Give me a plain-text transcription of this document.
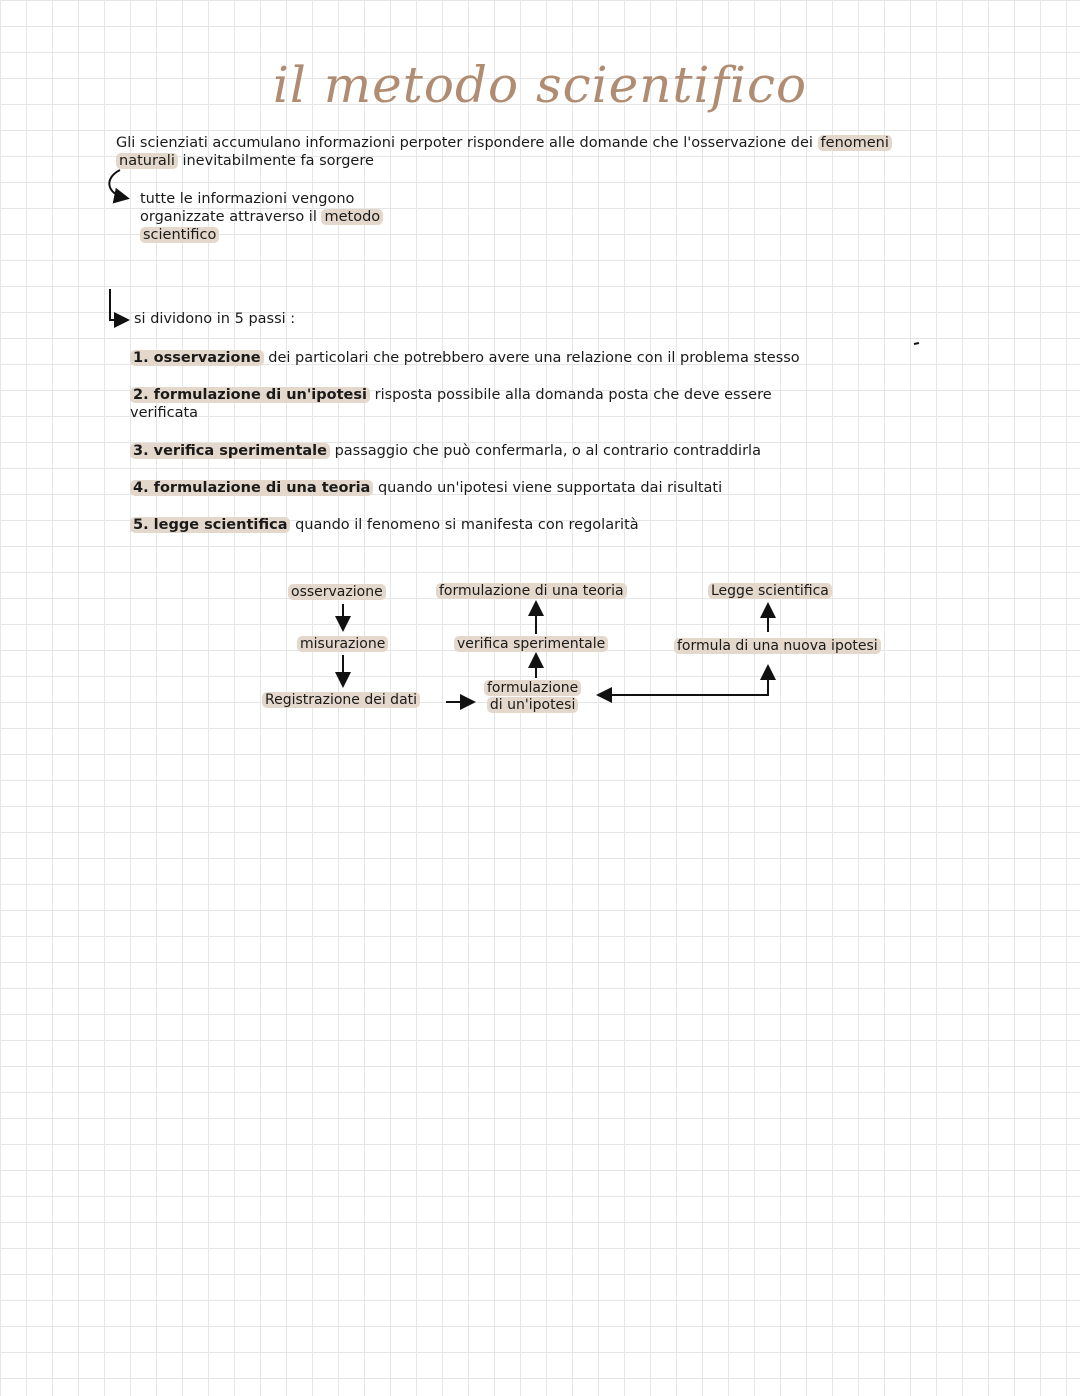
il metodo scientifico
Gli scienziati accumulano informazioni perpoter rispondere alle domande che l'osservazione dei fenomeni
naturali inevitabilmente fa sorgere
tutte le informazioni vengono
organizzate attraverso il metodo
scientifico
si dividono in 5 passi :
1. osservazione dei particolari che potrebbero avere una relazione con il problema stesso
2. formulazione di un'ipotesi risposta possibile alla domanda posta che deve essere
verificata
3. verifica sperimentale passaggio che può confermarla, o al contrario contraddirla
4. formulazione di una teoria quando un'ipotesi viene supportata dai risultati
5. legge scientifica quando il fenomeno si manifesta con regolarità
osservazione
misurazione
Registrazione dei dati
formulazione
di un'ipotesi
verifica sperimentale
formulazione di una teoria	Legge scientifica
formula di una nuova ipotesi
